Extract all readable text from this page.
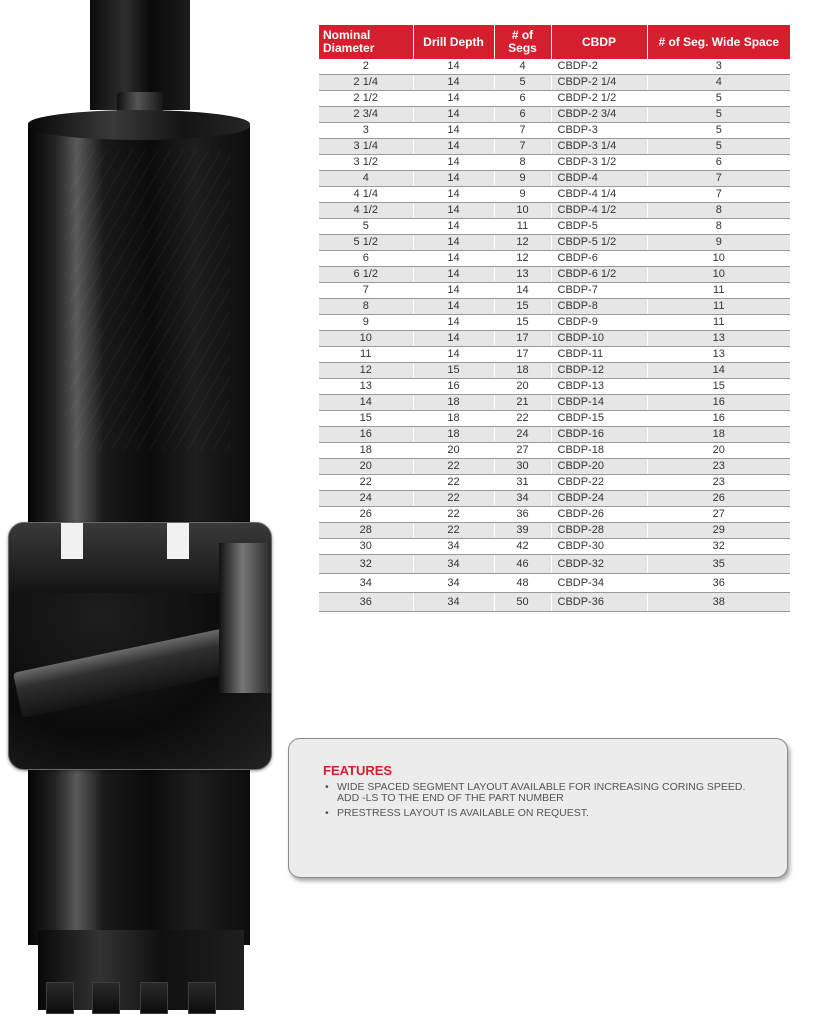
Nominal Diameter	Drill Depth	# of Segs	CBDP	# of Seg. Wide Space
2	14	4	CBDP-2	3
2 1/4	14	5	CBDP-2 1/4	4
2 1/2	14	6	CBDP-2 1/2	5
2 3/4	14	6	CBDP-2 3/4	5
3	14	7	CBDP-3	5
3 1/4	14	7	CBDP-3 1/4	5
3 1/2	14	8	CBDP-3 1/2	6
4	14	9	CBDP-4	7
4 1/4	14	9	CBDP-4 1/4	7
4 1/2	14	10	CBDP-4 1/2	8
5	14	11	CBDP-5	8
5 1/2	14	12	CBDP-5 1/2	9
6	14	12	CBDP-6	10
6 1/2	14	13	CBDP-6 1/2	10
7	14	14	CBDP-7	11
8	14	15	CBDP-8	11
9	14	15	CBDP-9	11
10	14	17	CBDP-10	13
11	14	17	CBDP-11	13
12	15	18	CBDP-12	14
13	16	20	CBDP-13	15
14	18	21	CBDP-14	16
15	18	22	CBDP-15	16
16	18	24	CBDP-16	18
18	20	27	CBDP-18	20
20	22	30	CBDP-20	23
22	22	31	CBDP-22	23
24	22	34	CBDP-24	26
26	22	36	CBDP-26	27
28	22	39	CBDP-28	29
30	34	42	CBDP-30	32
32	34	46	CBDP-32	35
34	34	48	CBDP-34	36
36	34	50	CBDP-36	38
FEATURES
• WIDE SPACED SEGMENT LAYOUT AVAILABLE FOR INCREASING CORING SPEED. ADD -LS TO THE END OF THE PART NUMBER
• PRESTRESS LAYOUT IS AVAILABLE ON REQUEST.
